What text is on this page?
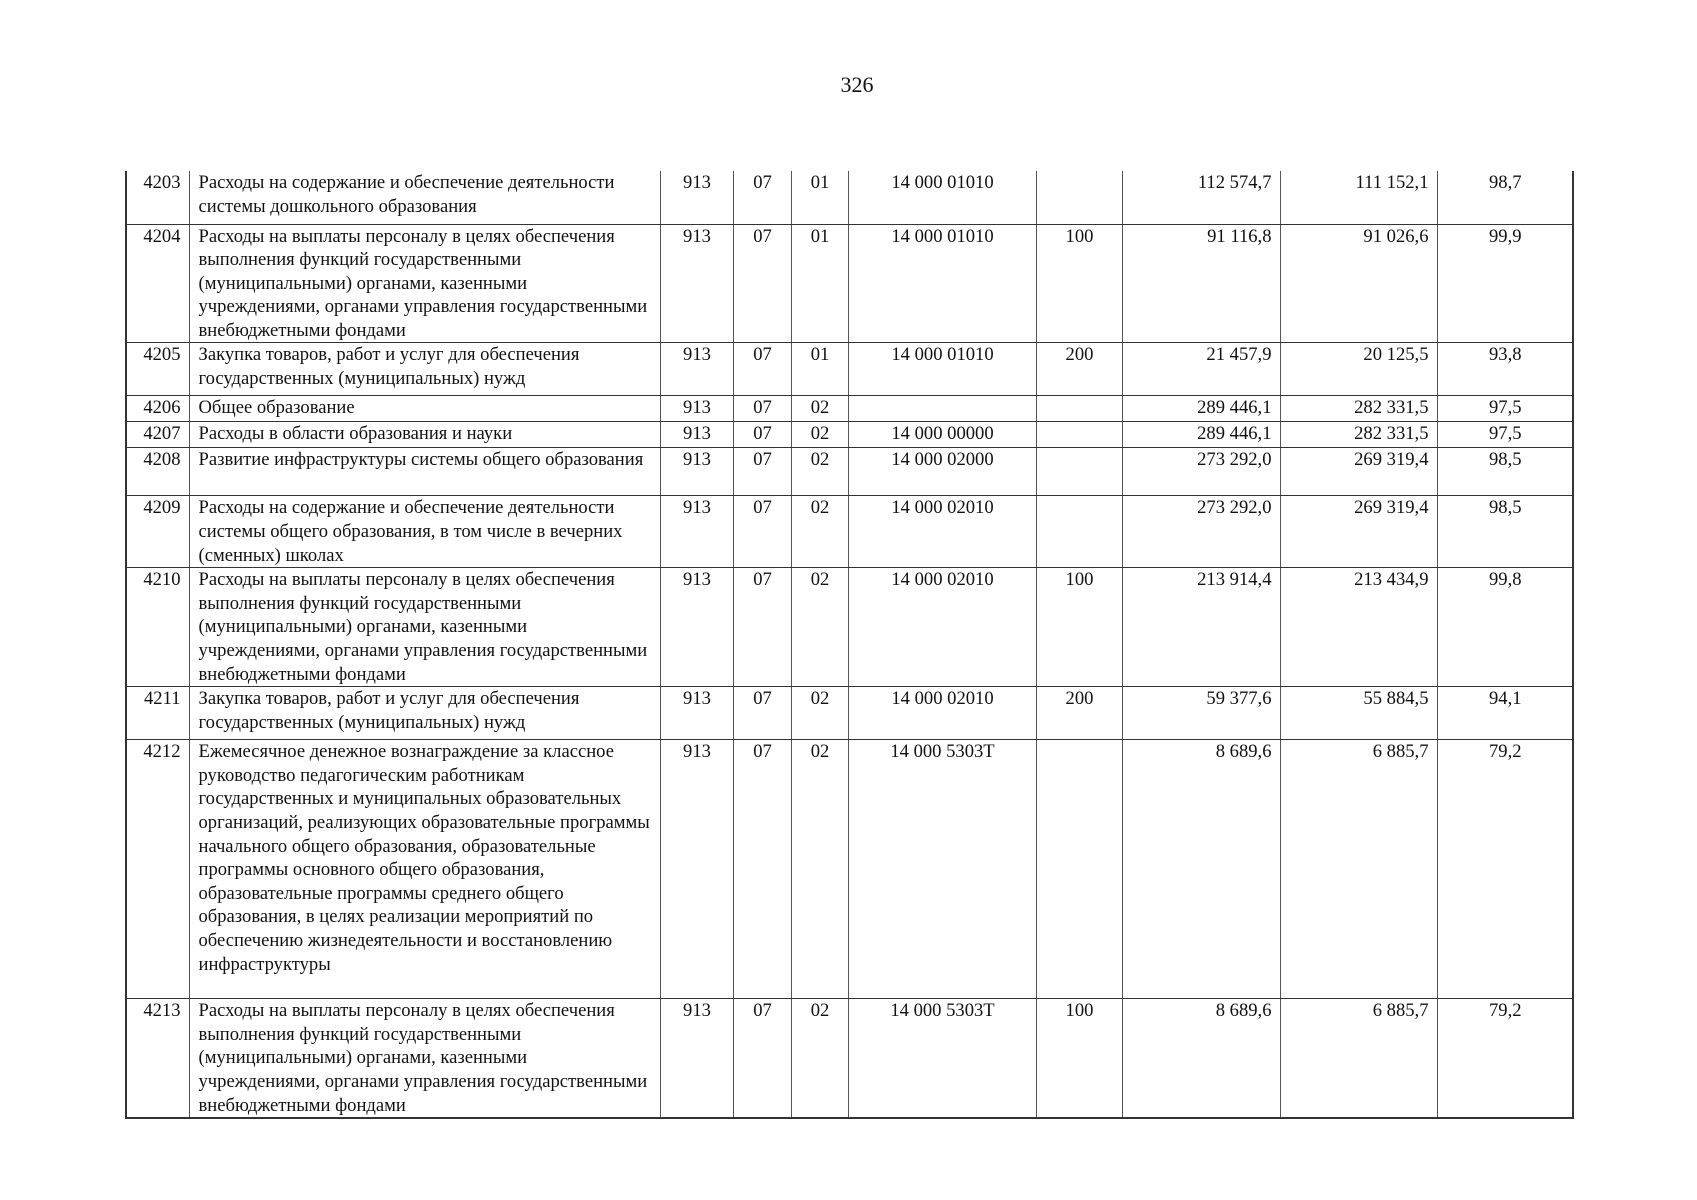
326
4203	Расходы на содержание и обеспечение деятельности системы дошкольного образования	913	07	01	14 000 01010		112 574,7	111 152,1	98,7
4204	Расходы на выплаты персоналу в целях обеспечения выполнения функций государственными (муниципальными) органами, казенными учреждениями, органами управления государственными внебюджетными фондами	913	07	01	14 000 01010	100	91 116,8	91 026,6	99,9
4205	Закупка товаров, работ и услуг для обеспечения государственных (муниципальных) нужд	913	07	01	14 000 01010	200	21 457,9	20 125,5	93,8
4206	Общее образование	913	07	02			289 446,1	282 331,5	97,5
4207	Расходы в области образования и науки	913	07	02	14 000 00000		289 446,1	282 331,5	97,5
4208	Развитие инфраструктуры системы общего образования	913	07	02	14 000 02000		273 292,0	269 319,4	98,5
4209	Расходы на содержание и обеспечение деятельности системы общего образования, в том числе в вечерних (сменных) школах	913	07	02	14 000 02010		273 292,0	269 319,4	98,5
4210	Расходы на выплаты персоналу в целях обеспечения выполнения функций государственными (муниципальными) органами, казенными учреждениями, органами управления государственными внебюджетными фондами	913	07	02	14 000 02010	100	213 914,4	213 434,9	99,8
4211	Закупка товаров, работ и услуг для обеспечения государственных (муниципальных) нужд	913	07	02	14 000 02010	200	59 377,6	55 884,5	94,1
4212	Ежемесячное денежное вознаграждение за классное руководство педагогическим работникам государственных и муниципальных образовательных организаций, реализующих образовательные программы начального общего образования, образовательные программы основного общего образования, образовательные программы среднего общего образования, в целях реализации мероприятий по обеспечению жизнедеятельности и восстановлению инфраструктуры	913	07	02	14 000 5303Т		8 689,6	6 885,7	79,2
4213	Расходы на выплаты персоналу в целях обеспечения выполнения функций государственными (муниципальными) органами, казенными учреждениями, органами управления государственными внебюджетными фондами	913	07	02	14 000 5303Т	100	8 689,6	6 885,7	79,2
